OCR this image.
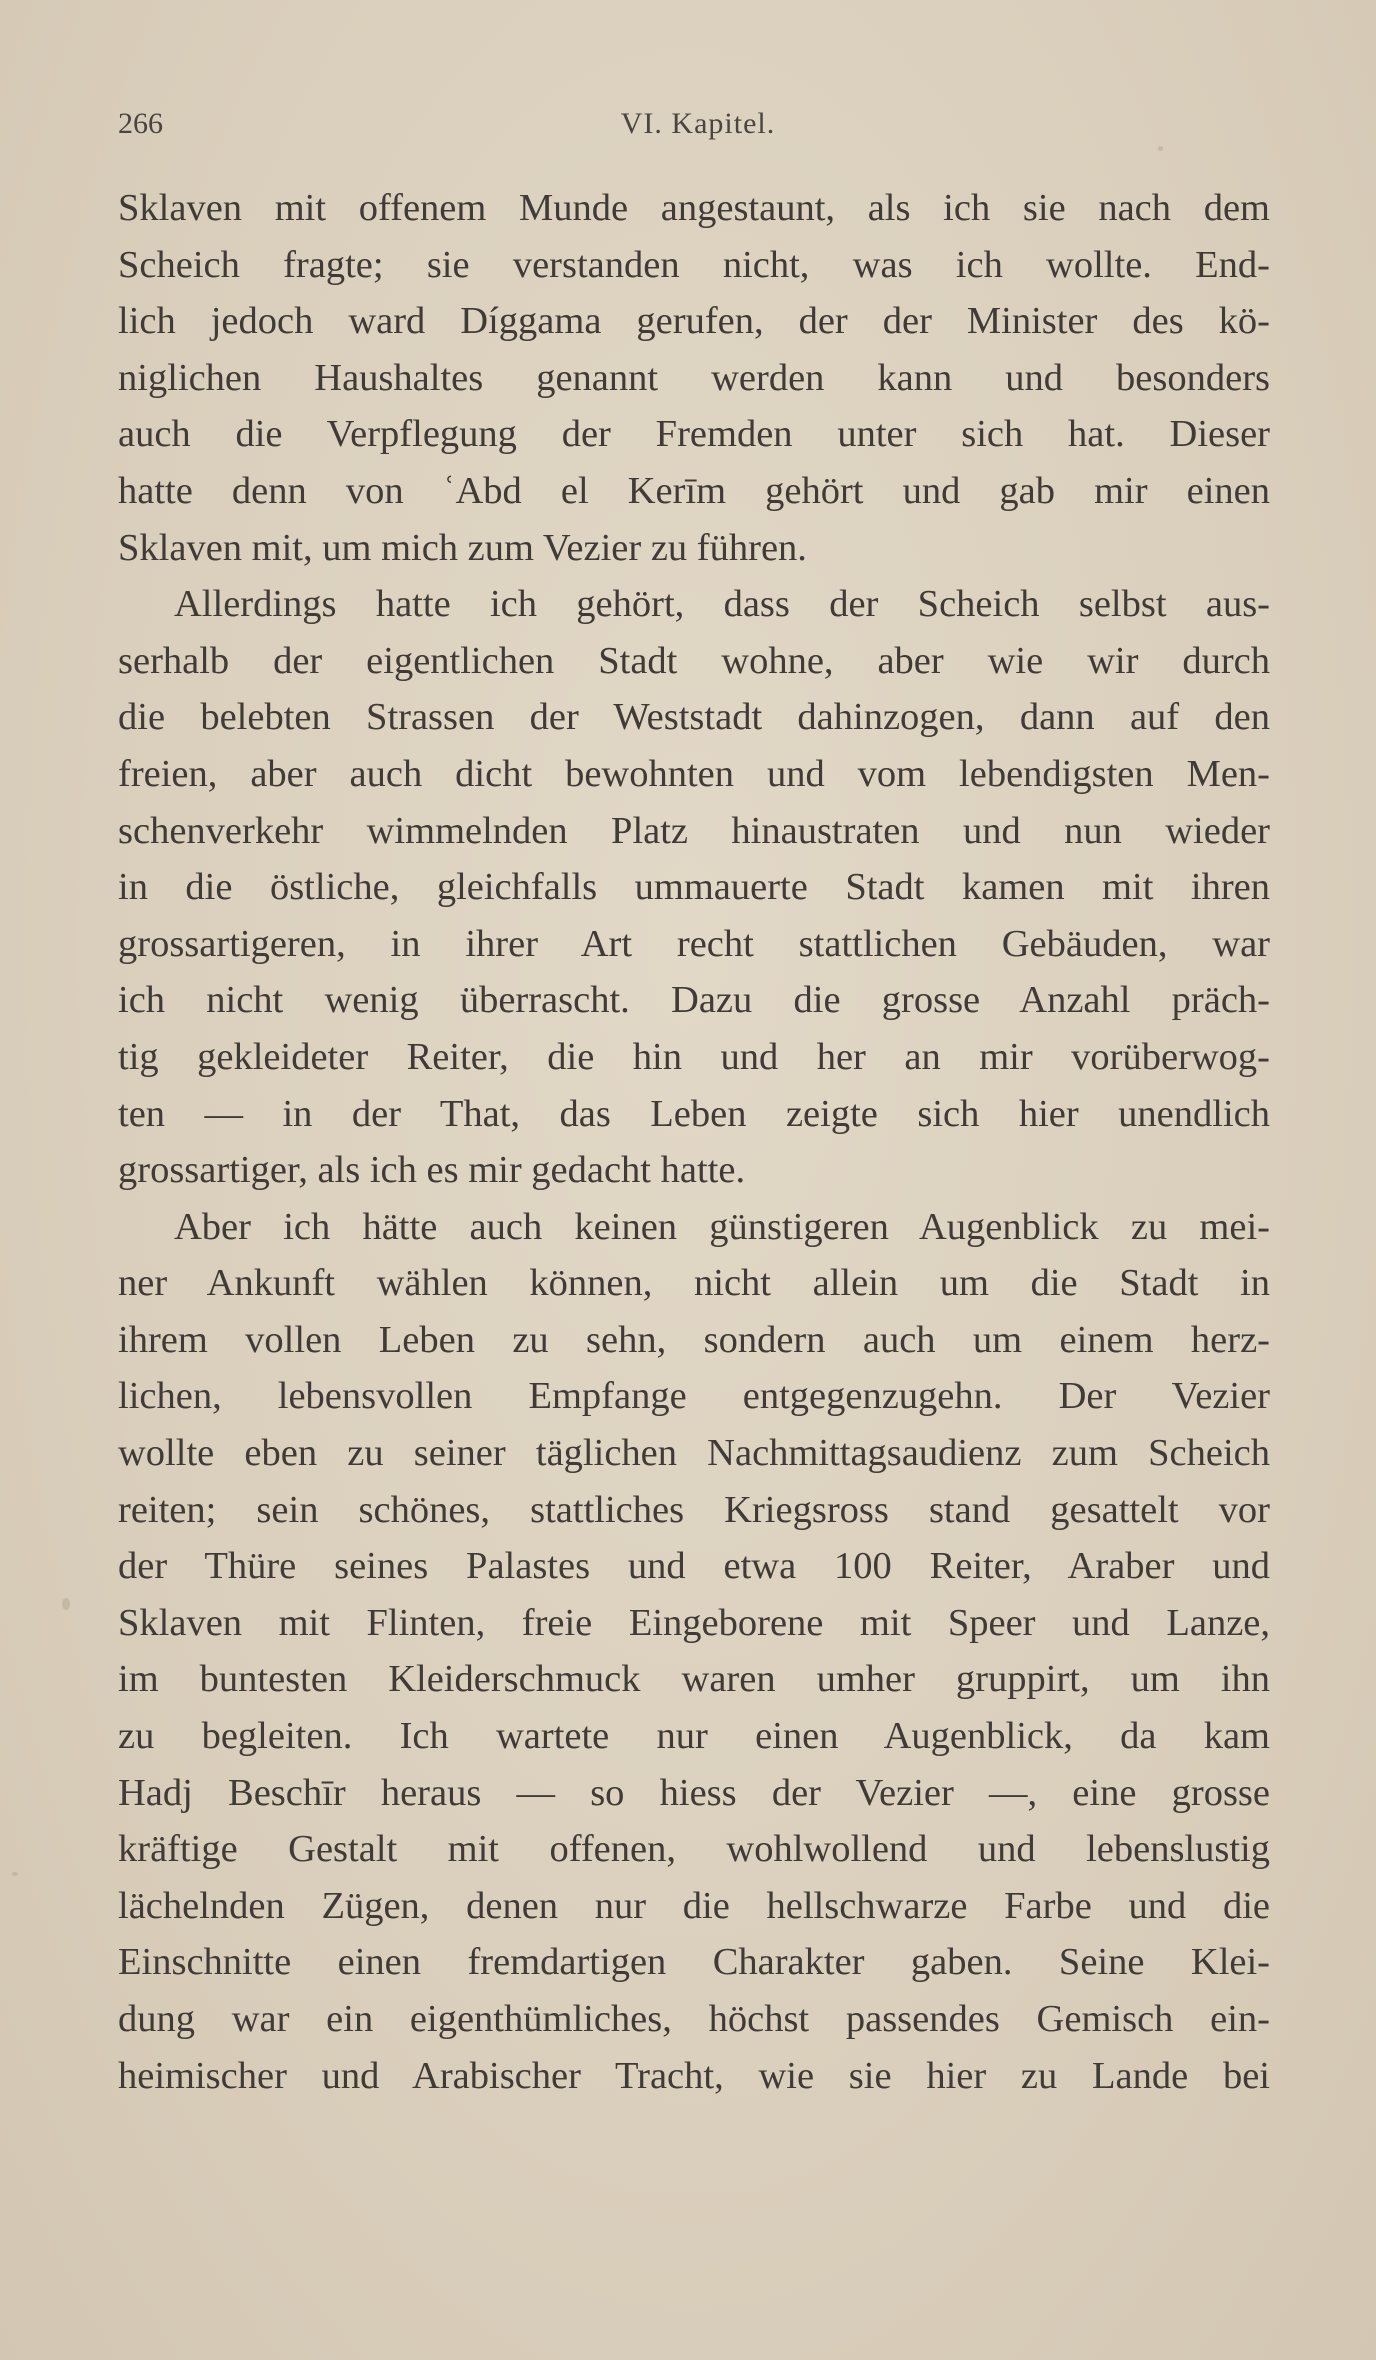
266	VI. Kapitel.
Sklaven mit offenem Munde angestaunt, als ich sie nach dem
Scheich fragte; sie verstanden nicht, was ich wollte. End-
lich jedoch ward Díggama gerufen, der der Minister des kö-
niglichen Haushaltes genannt werden kann und besonders
auch die Verpflegung der Fremden unter sich hat. Dieser
hatte denn von ʿAbd el Kerīm gehört und gab mir einen
Sklaven mit, um mich zum Vezier zu führen.
Allerdings hatte ich gehört, dass der Scheich selbst aus-
serhalb der eigentlichen Stadt wohne, aber wie wir durch
die belebten Strassen der Weststadt dahinzogen, dann auf den
freien, aber auch dicht bewohnten und vom lebendigsten Men-
schenverkehr wimmelnden Platz hinaustraten und nun wieder
in die östliche, gleichfalls ummauerte Stadt kamen mit ihren
grossartigeren, in ihrer Art recht stattlichen Gebäuden, war
ich nicht wenig überrascht. Dazu die grosse Anzahl präch-
tig gekleideter Reiter, die hin und her an mir vorüberwog-
ten — in der That, das Leben zeigte sich hier unendlich
grossartiger, als ich es mir gedacht hatte.
Aber ich hätte auch keinen günstigeren Augenblick zu mei-
ner Ankunft wählen können, nicht allein um die Stadt in
ihrem vollen Leben zu sehn, sondern auch um einem herz-
lichen, lebensvollen Empfange entgegenzugehn. Der Vezier
wollte eben zu seiner täglichen Nachmittagsaudienz zum Scheich
reiten; sein schönes, stattliches Kriegsross stand gesattelt vor
der Thüre seines Palastes und etwa 100 Reiter, Araber und
Sklaven mit Flinten, freie Eingeborene mit Speer und Lanze,
im buntesten Kleiderschmuck waren umher gruppirt, um ihn
zu begleiten. Ich wartete nur einen Augenblick, da kam
Hadj Beschīr heraus — so hiess der Vezier —, eine grosse
kräftige Gestalt mit offenen, wohlwollend und lebenslustig
lächelnden Zügen, denen nur die hellschwarze Farbe und die
Einschnitte einen fremdartigen Charakter gaben. Seine Klei-
dung war ein eigenthümliches, höchst passendes Gemisch ein-
heimischer und Arabischer Tracht, wie sie hier zu Lande bei
